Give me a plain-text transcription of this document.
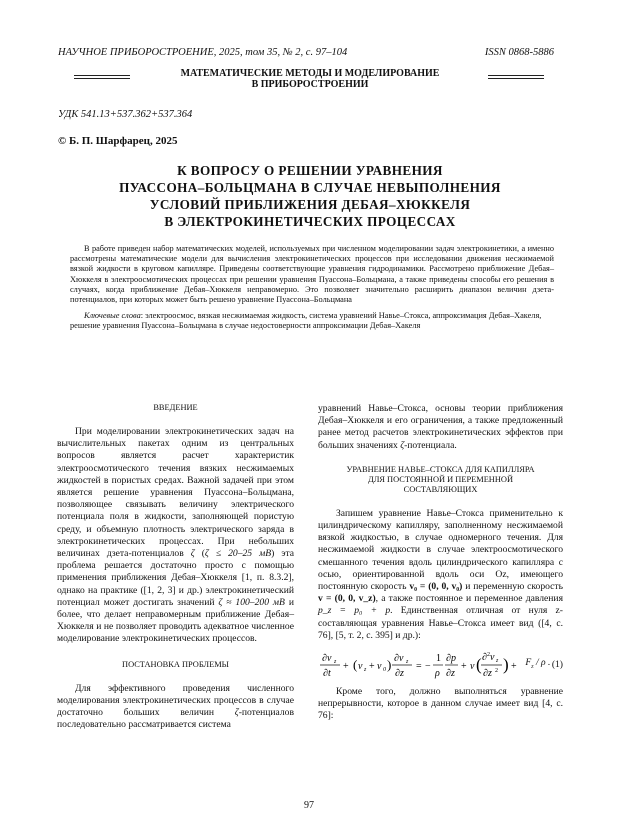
НАУЧНОЕ ПРИБОРОСТРОЕНИЕ, 2025, том 35, № 2, c. 97–104	ISSN 0868-5886
МАТЕМАТИЧЕСКИЕ МЕТОДЫ И МОДЕЛИРОВАНИЕ
В ПРИБОРОСТРОЕНИИ
УДК 541.13+537.362+537.364
© Б. П. Шарфарец, 2025
К ВОПРОСУ О РЕШЕНИИ УРАВНЕНИЯ
ПУАССОНА–БОЛЬЦМАНА В СЛУЧАЕ НЕВЫПОЛНЕНИЯ
УСЛОВИЙ ПРИБЛИЖЕНИЯ ДЕБАЯ–ХЮККЕЛЯ
В ЭЛЕКТРОКИНЕТИЧЕСКИХ ПРОЦЕССАХ

В работе приведен набор математических моделей, используемых при численном моделировании задач электрокинетики, а именно рассмотрены математические модели для вычисления электрокинетических процессов при исследовании движения несжимаемой вязкой жидкости в круговом капилляре. Приведены соответствующие уравнения гидродинамики. Рассмотрено приближение Дебая–Хюккеля в электроосмотических процессах при решении уравнения Пуассона–Больцмана, а также приведены способы его решения в случаях, когда приближение Дебая–Хюккеля неправомерно. Это позволяет значительно расширить диапазон величин дзета-потенциалов, при которых может быть решено уравнение Пуассона–Больцмана

Ключевые слова: электроосмос, вязкая несжимаемая жидкость, система уравнений Навье–Стокса, аппроксимация Дебая–Хакеля, решение уравнения Пуассона–Больцмана в случае недостоверности аппроксимации Дебая–Хакеля

ВВЕДЕНИЕ

При моделировании электрокинетических задач на вычислительных пакетах одним из центральных вопросов является расчет характеристик электроосмотического течения вязких несжимаемых жидкостей в пористых средах. Важной задачей при этом является решение уравнения Пуассона–Больцмана, позволяющее связывать величину электрического потенциала поля в жидкости, заполняющей пористую среду, и объемную плотность электрического заряда в электрокинетических процессах. При небольших величинах дзета-потенциалов ζ (ζ ≤ 20–25 мВ) эта проблема решается достаточно просто с помощью применения приближения Дебая–Хюккеля [1, п. 8.3.2], однако на практике ([1, 2, 3] и др.) электрокинетический потенциал может достигать значений ζ ≈ 100–200 мВ и более, что делает неправомерным приближение Дебая–Хюккеля и не позволяет проводить адекватное численное моделирование электрокинетических процессов.

ПОСТАНОВКА ПРОБЛЕМЫ

Для эффективного проведения численного моделирования электрокинетических процессов в случае достаточно больших величин ζ-потенциалов последовательно рассматривается система

уравнений Навье–Стокса, основы теории приближения Дебая–Хюккеля и его ограничения, а также предложенный ранее метод расчетов электрокинетических эффектов при больших значениях ζ-потенциала.

УРАВНЕНИЕ НАВЬЕ–СТОКСА ДЛЯ КАПИЛЛЯРА
ДЛЯ ПОСТОЯННОЙ И ПЕРЕМЕННОЙ
СОСТАВЛЯЮЩИХ

Запишем уравнение Навье–Стокса применительно к цилиндрическому капилляру, заполненному несжимаемой вязкой жидкостью, в случае одномерного течения. Для несжимаемой жидкости в случае электроосмотического смешанного течения вдоль цилиндрического капилляра с осью, ориентированной вдоль оси Oz, имеющего постоянную скорость v₀ = (0, 0, v₀) и переменную скорость v = (0, 0, v_z), а также постоянное и переменное давления p_z = p₀ + p. Единственная отличная от нуля z-составляющая уравнения Навье–Стокса имеет вид ([4, c. 76], [5, т. 2, c. 395] и др.):

∂v z
∂t
+ ( v z + v 0 ) ∂v z
∂z
= −
1
ρ
∂p
∂z
+ ν ( ∂ 2 v z
∂z 2 ) + $F_z$ / ρ . (1)

Кроме того, должно выполняться уравнение непрерывности, которое в данном случае имеет вид [4, c. 76]:

97
